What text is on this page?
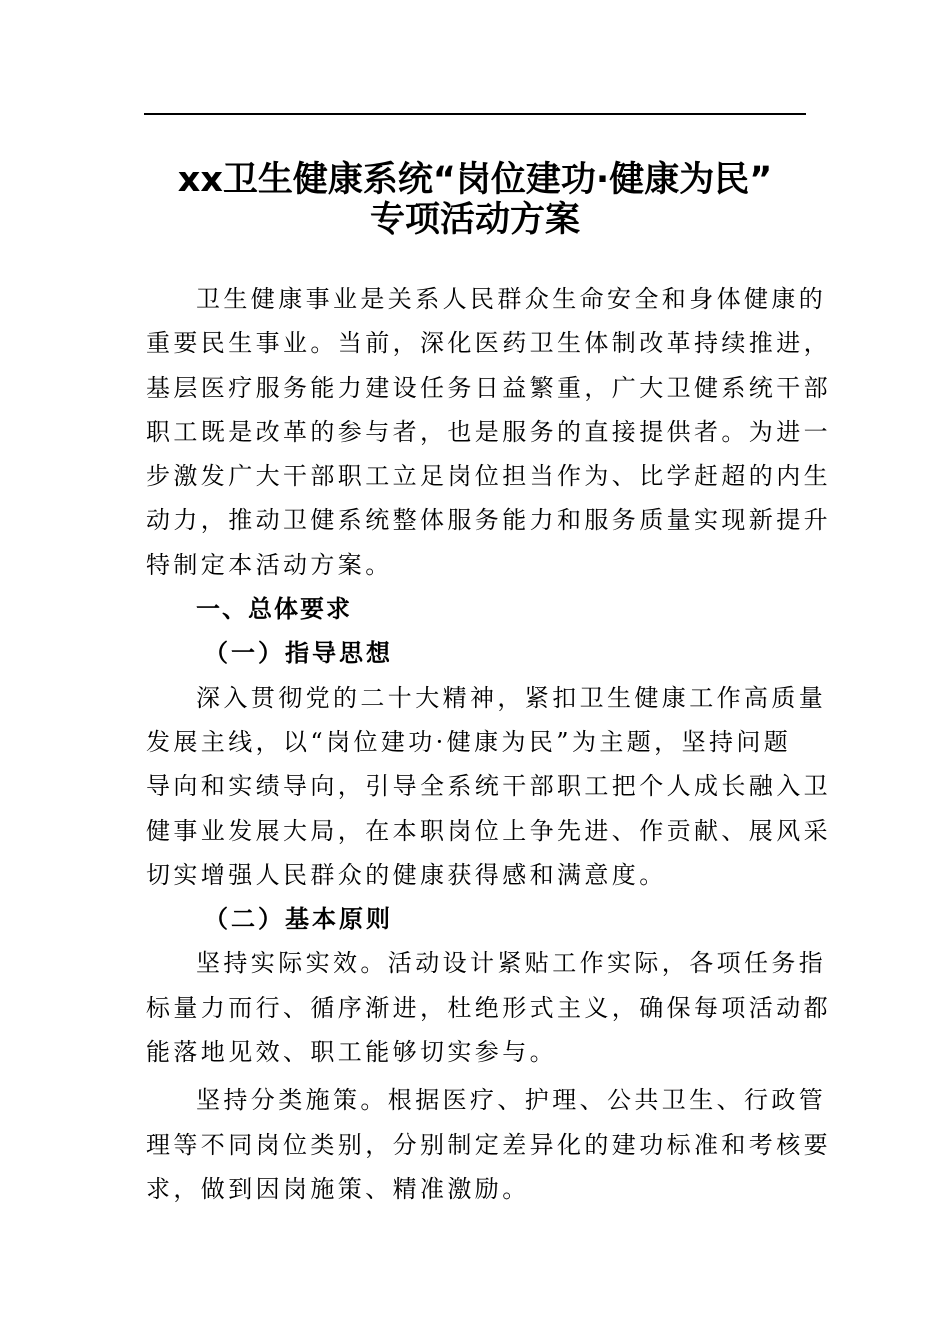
xx卫生健康系统“岗位建功·健康为民”
专项活动方案

卫生健康事业是关系人民群众生命安全和身体健康的
重要民生事业。当前，深化医药卫生体制改革持续推进，
基层医疗服务能力建设任务日益繁重，广大卫健系统干部
职工既是改革的参与者，也是服务的直接提供者。为进一
步激发广大干部职工立足岗位担当作为、比学赶超的内生
动力，推动卫健系统整体服务能力和服务质量实现新提升
特制定本活动方案。

一、总体要求
（一）指导思想

深入贯彻党的二十大精神，紧扣卫生健康工作高质量
发展主线，以“岗位建功·健康为民”为主题，坚持问题
导向和实绩导向，引导全系统干部职工把个人成长融入卫
健事业发展大局，在本职岗位上争先进、作贡献、展风采
切实增强人民群众的健康获得感和满意度。

（二）基本原则

坚持实际实效。活动设计紧贴工作实际，各项任务指
标量力而行、循序渐进，杜绝形式主义，确保每项活动都
能落地见效、职工能够切实参与。

坚持分类施策。根据医疗、护理、公共卫生、行政管
理等不同岗位类别，分别制定差异化的建功标准和考核要
求，做到因岗施策、精准激励。
